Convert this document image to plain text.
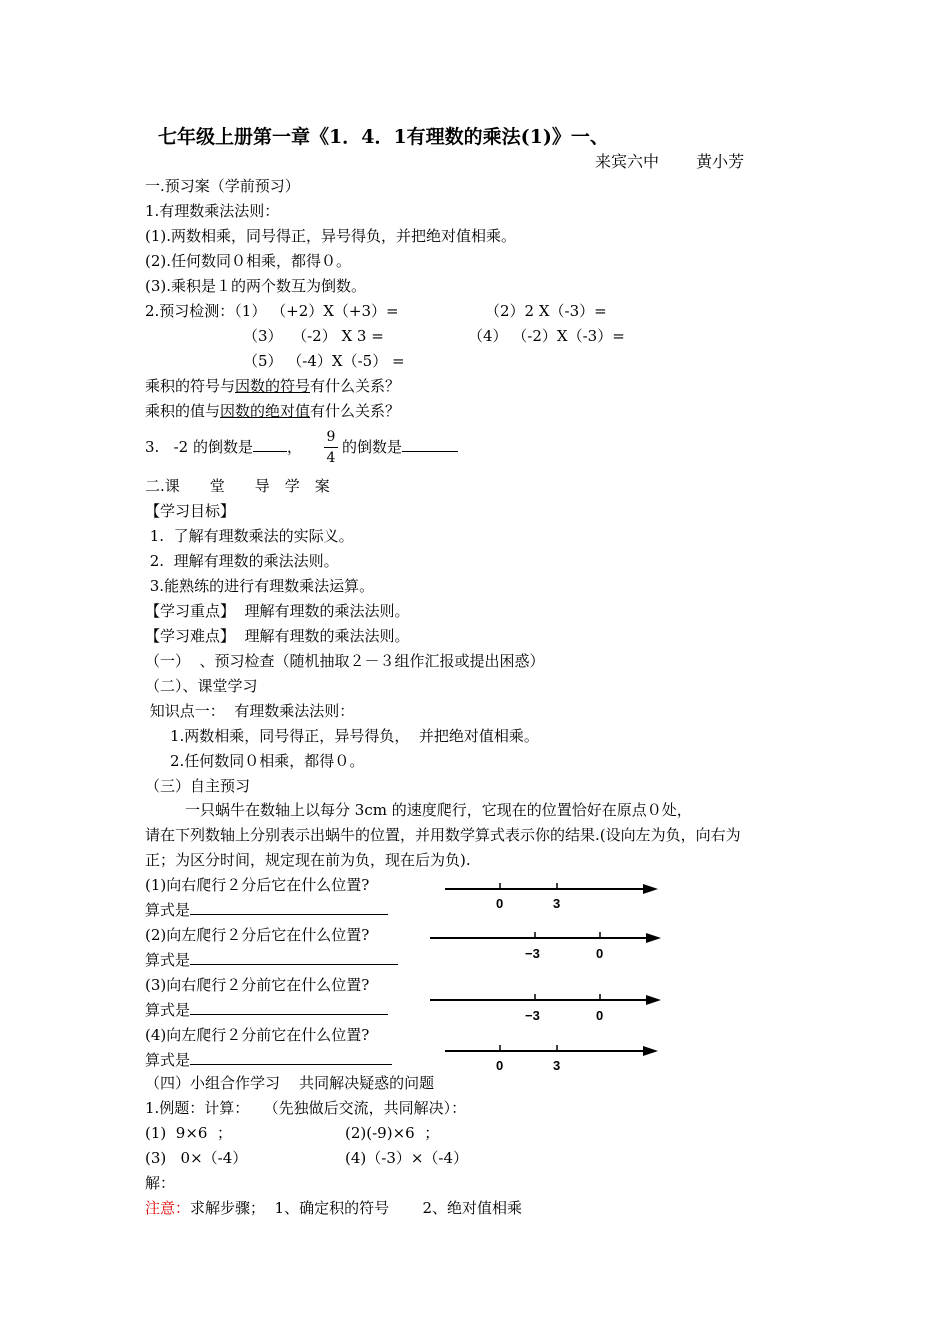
七年级上册第一章《1．4．1有理数的乘法(1)》一、
来宾六中　　 黄小芳
一.预习案（学前预习）
1.有理数乘法法则：
(1).两数相乘，同号得正，异号得负，并把绝对值相乘。
(2).任何数同０相乘，都得０。
(3).乘积是１的两个数互为倒数。
2.预习检测：（1） （+2）X（+3）=	（2）2 X（-3）=
（3）  （-2） X 3 =	（4） （-2）X（-3）=
（5） （-4）X（-5） =
乘积的符号与因数的符号有什么关系？
乘积的值与因数的绝对值有什么关系？
3.   -2 的倒数是 ，
9
4
的倒数是
二.课　　堂　　导　学　案
【学习目标】
1.  了解有理数乘法的实际义。
2.  理解有理数的乘法法则。
3.能熟练的进行有理数乘法运算。
【学习重点】  理解有理数的乘法法则。
【学习难点】  理解有理数的乘法法则。
（一）  、预习检查（随机抽取２－３组作汇报或提出困惑）
（二）、课堂学习
知识点一：  有理数乘法法则：
1.两数相乘，同号得正，异号得负，  并把绝对值相乘。
2.任何数同０相乘，都得０。
（三）自主预习
一只蜗牛在数轴上以每分 3cm 的速度爬行，它现在的位置恰好在原点０处，
请在下列数轴上分别表示出蜗牛的位置，并用数学算式表示你的结果.(设向左为负，向右为
正；为区分时间，规定现在前为负，现在后为负).
(1)向右爬行２分后它在什么位置?
算式是
(2)向左爬行２分后它在什么位置?
算式是
(3)向右爬行２分前它在什么位置?
算式是
(4)向左爬行２分前它在什么位置?
算式是
0	3
−3	0
−3	0
0	3
（四）小组合作学习    共同解决疑惑的问题
1.例题：计算：   （先独做后交流，共同解决）：
(1)  9×6  ；	(2)(-9)×6  ；
(3)   0×（-4）	(4)（-3）×（-4）
解：
注意：求解步骤；  1、确定积的符号       2、绝对值相乘
